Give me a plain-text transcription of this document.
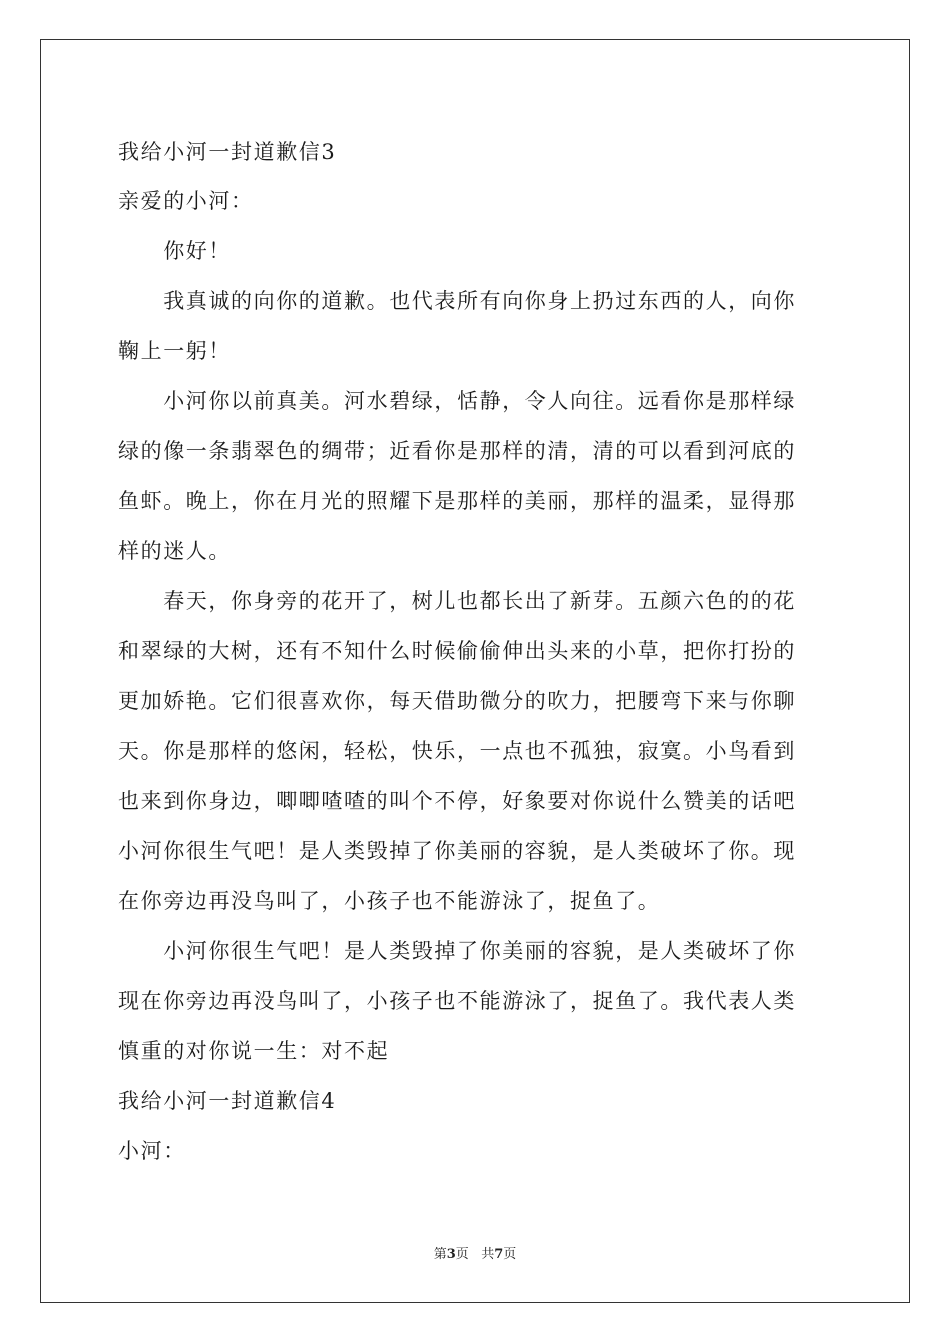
我给小河一封道歉信3
亲爱的小河：
　　你好！
　　我真诚的向你的道歉。也代表所有向你身上扔过东西的人，向你
鞠上一躬！
　　小河你以前真美。河水碧绿，恬静，令人向往。远看你是那样绿
绿的像一条翡翠色的绸带；近看你是那样的清，清的可以看到河底的
鱼虾。晚上，你在月光的照耀下是那样的美丽，那样的温柔，显得那
样的迷人。
　　春天，你身旁的花开了，树儿也都长出了新芽。五颜六色的的花
和翠绿的大树，还有不知什么时候偷偷伸出头来的小草，把你打扮的
更加娇艳。它们很喜欢你，每天借助微分的吹力，把腰弯下来与你聊
天。你是那样的悠闲，轻松，快乐，一点也不孤独，寂寞。小鸟看到
也来到你身边，唧唧喳喳的叫个不停，好象要对你说什么赞美的话吧
小河你很生气吧！是人类毁掉了你美丽的容貌，是人类破坏了你。现
在你旁边再没鸟叫了，小孩子也不能游泳了，捉鱼了。
　　小河你很生气吧！是人类毁掉了你美丽的容貌，是人类破坏了你
现在你旁边再没鸟叫了，小孩子也不能游泳了，捉鱼了。我代表人类
慎重的对你说一生：对不起
我给小河一封道歉信4
小河：
第3页 共7页
